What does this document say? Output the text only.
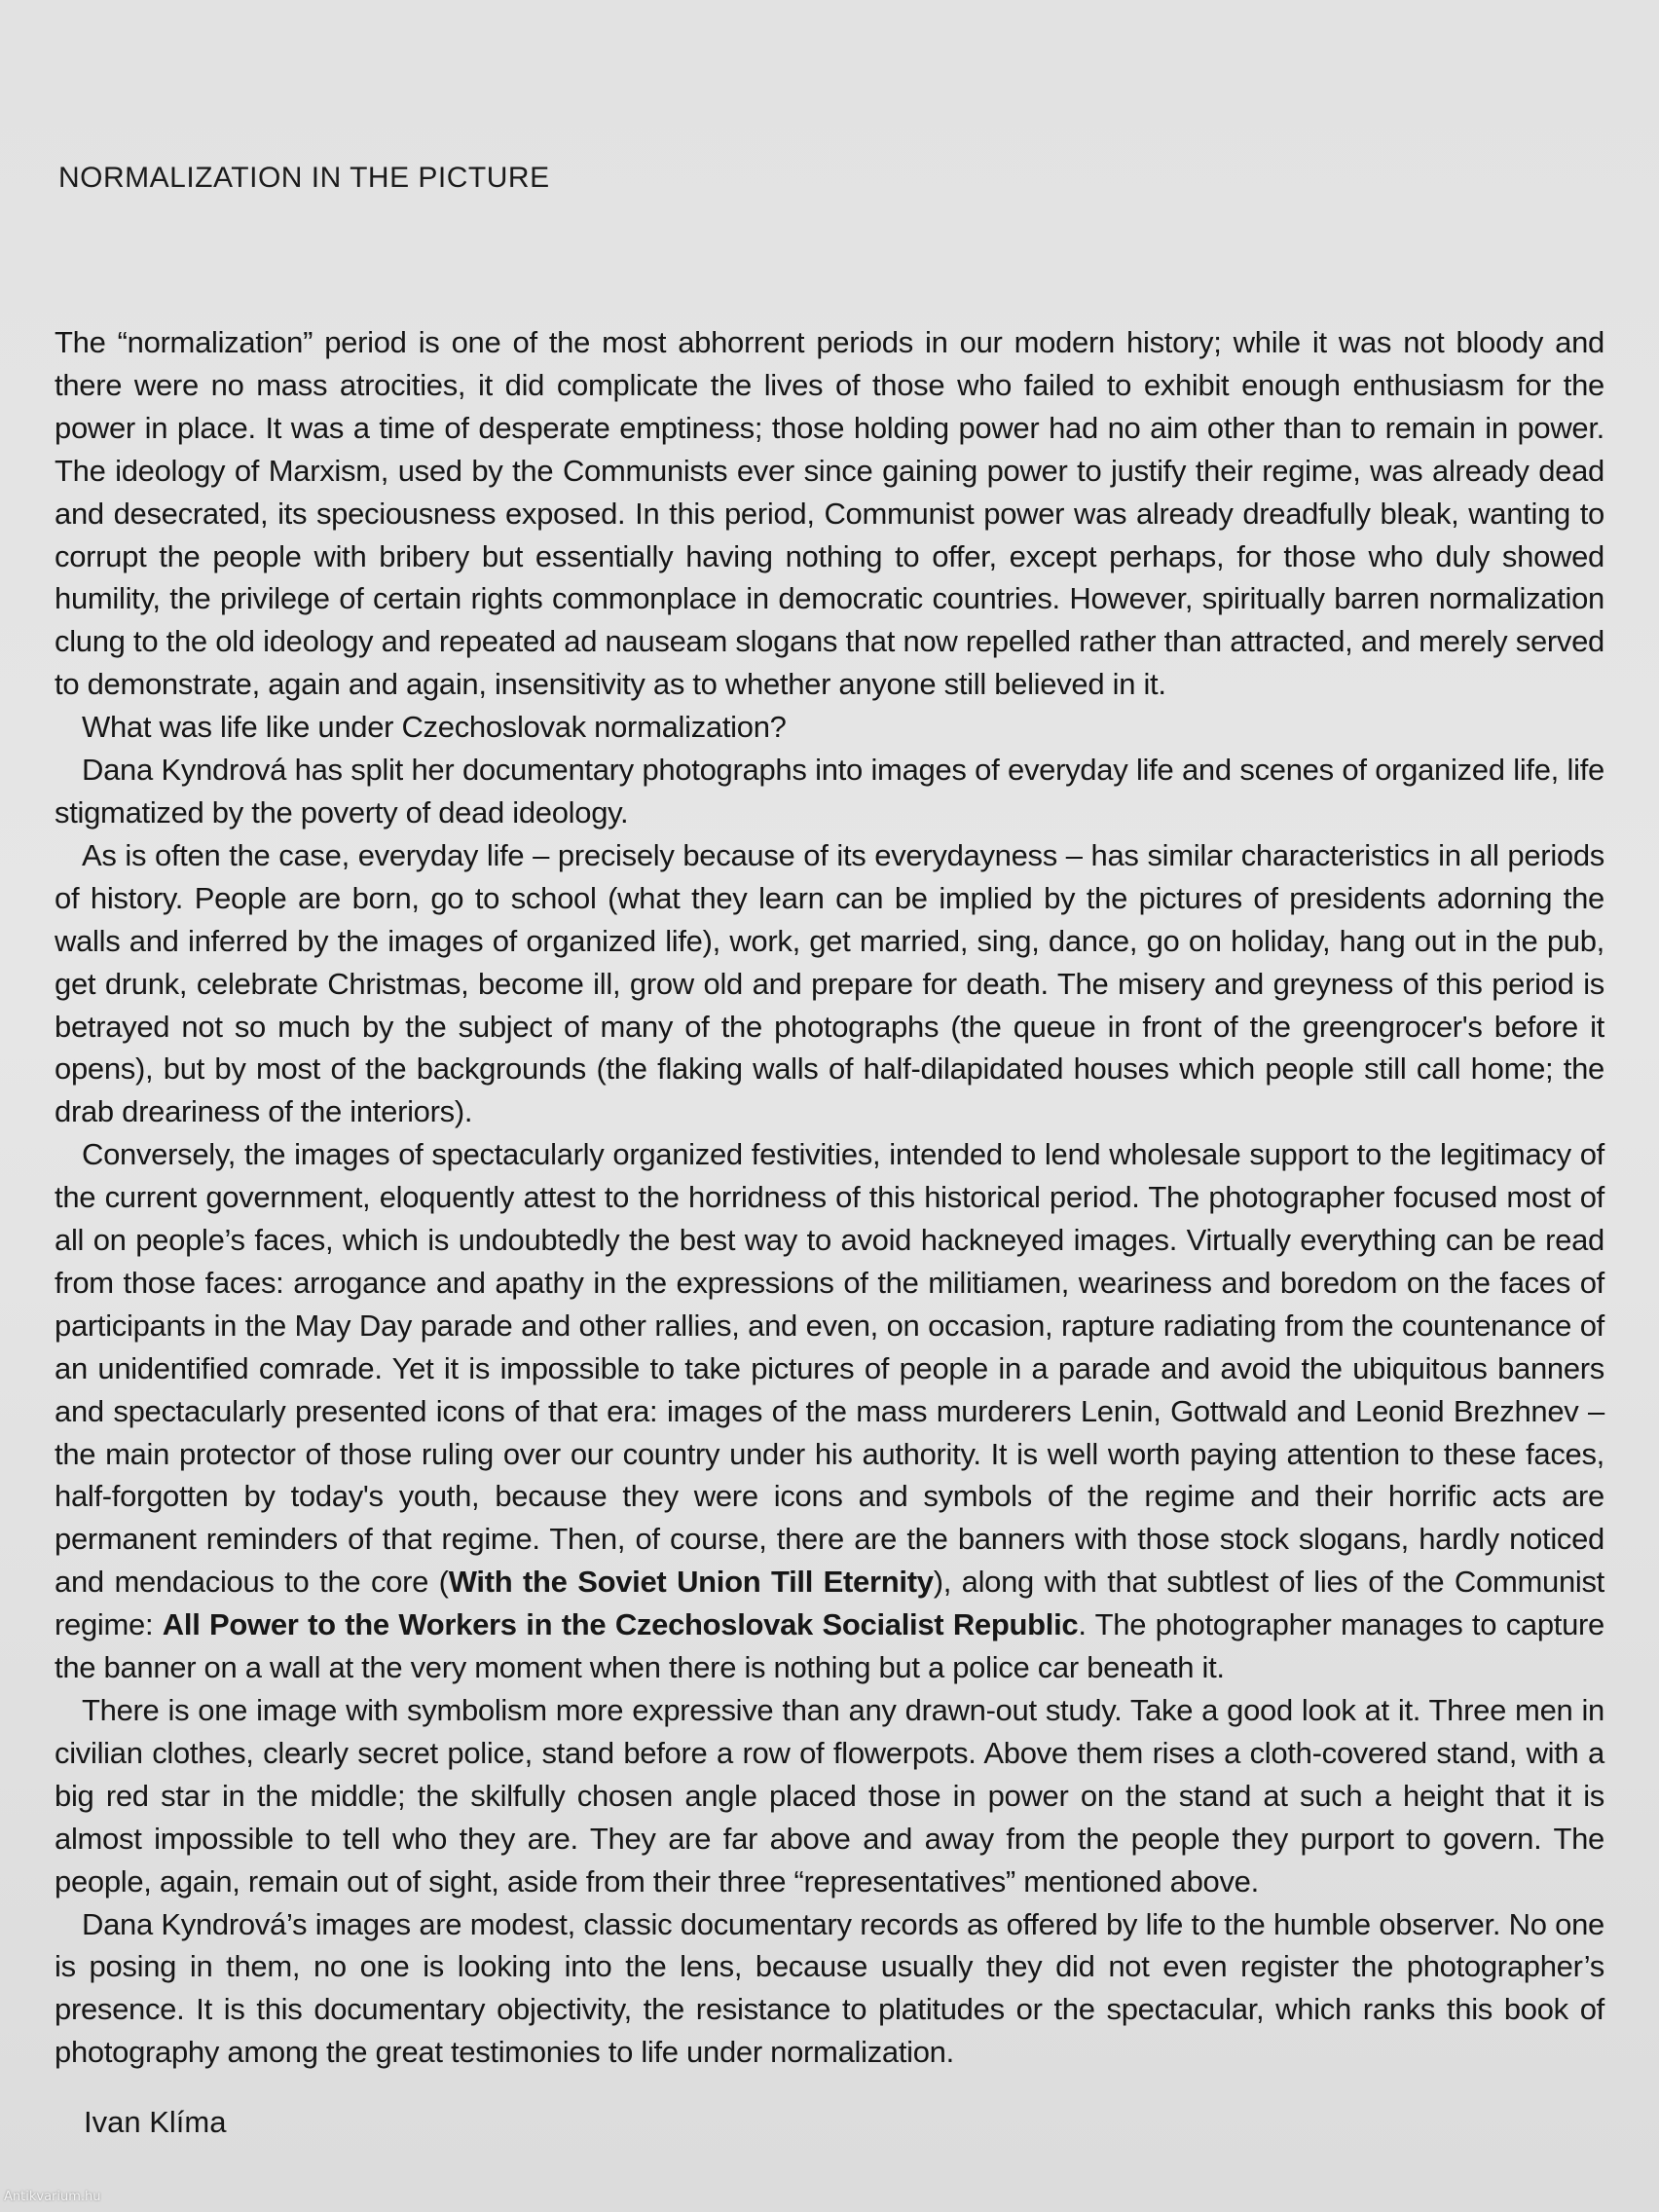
NORMALIZATION IN THE PICTURE

The “normalization” period is one of the most abhorrent periods in our modern history; while it was not bloody and there were no mass atrocities, it did complicate the lives of those who failed to exhibit enough enthusiasm for the power in place. It was a time of desperate emptiness; those holding power had no aim other than to remain in power. The ideology of Marxism, used by the Communists ever since gaining power to justify their regime, was already dead and desecrated, its speciousness exposed. In this period, Communist power was already dreadfully bleak, wanting to corrupt the people with bribery but essentially having nothing to offer, except perhaps, for those who duly showed humility, the privilege of certain rights commonplace in democratic countries. However, spiritually barren normalization clung to the old ideology and repeated ad nauseam slogans that now repelled rather than attracted, and merely served to demonstrate, again and again, insensitivity as to whether anyone still believed in it.

What was life like under Czechoslovak normalization?

Dana Kyndrová has split her documentary photographs into images of everyday life and scenes of organized life, life stigmatized by the poverty of dead ideology.

As is often the case, everyday life – precisely because of its everydayness – has similar characteristics in all periods of history. People are born, go to school (what they learn can be implied by the pictures of presidents adorning the walls and inferred by the images of organized life), work, get married, sing, dance, go on holiday, hang out in the pub, get drunk, celebrate Christmas, become ill, grow old and prepare for death. The misery and greyness of this period is betrayed not so much by the subject of many of the photographs (the queue in front of the greengrocer's before it opens), but by most of the backgrounds (the flaking walls of half-dilapidated houses which people still call home; the drab dreariness of the interiors).

Conversely, the images of spectacularly organized festivities, intended to lend wholesale support to the legitimacy of the current government, eloquently attest to the horridness of this historical period. The photographer focused most of all on people’s faces, which is undoubtedly the best way to avoid hackneyed images. Virtually everything can be read from those faces: arrogance and apathy in the expressions of the militiamen, weariness and boredom on the faces of participants in the May Day parade and other rallies, and even, on occasion, rapture radiating from the countenance of an unidentified comrade. Yet it is impossible to take pictures of people in a parade and avoid the ubiquitous banners and spectacularly presented icons of that era: images of the mass murderers Lenin, Gottwald and Leonid Brezhnev – the main protector of those ruling over our country under his authority. It is well worth paying attention to these faces, half-forgotten by today's youth, because they were icons and symbols of the regime and their horrific acts are permanent reminders of that regime. Then, of course, there are the banners with those stock slogans, hardly noticed and mendacious to the core (With the Soviet Union Till Eternity), along with that subtlest of lies of the Communist regime: All Power to the Workers in the Czechoslovak Socialist Republic. The photographer manages to capture the banner on a wall at the very moment when there is nothing but a police car beneath it.

There is one image with symbolism more expressive than any drawn-out study. Take a good look at it. Three men in civilian clothes, clearly secret police, stand before a row of flowerpots. Above them rises a cloth-covered stand, with a big red star in the middle; the skilfully chosen angle placed those in power on the stand at such a height that it is almost impossible to tell who they are. They are far above and away from the people they purport to govern. The people, again, remain out of sight, aside from their three “representatives” mentioned above.

Dana Kyndrová’s images are modest, classic documentary records as offered by life to the humble observer. No one is posing in them, no one is looking into the lens, because usually they did not even register the photographer’s presence. It is this documentary objectivity, the resistance to platitudes or the spectacular, which ranks this book of photography among the great testimonies to life under normalization.

Ivan Klíma

Antikvarium.hu
